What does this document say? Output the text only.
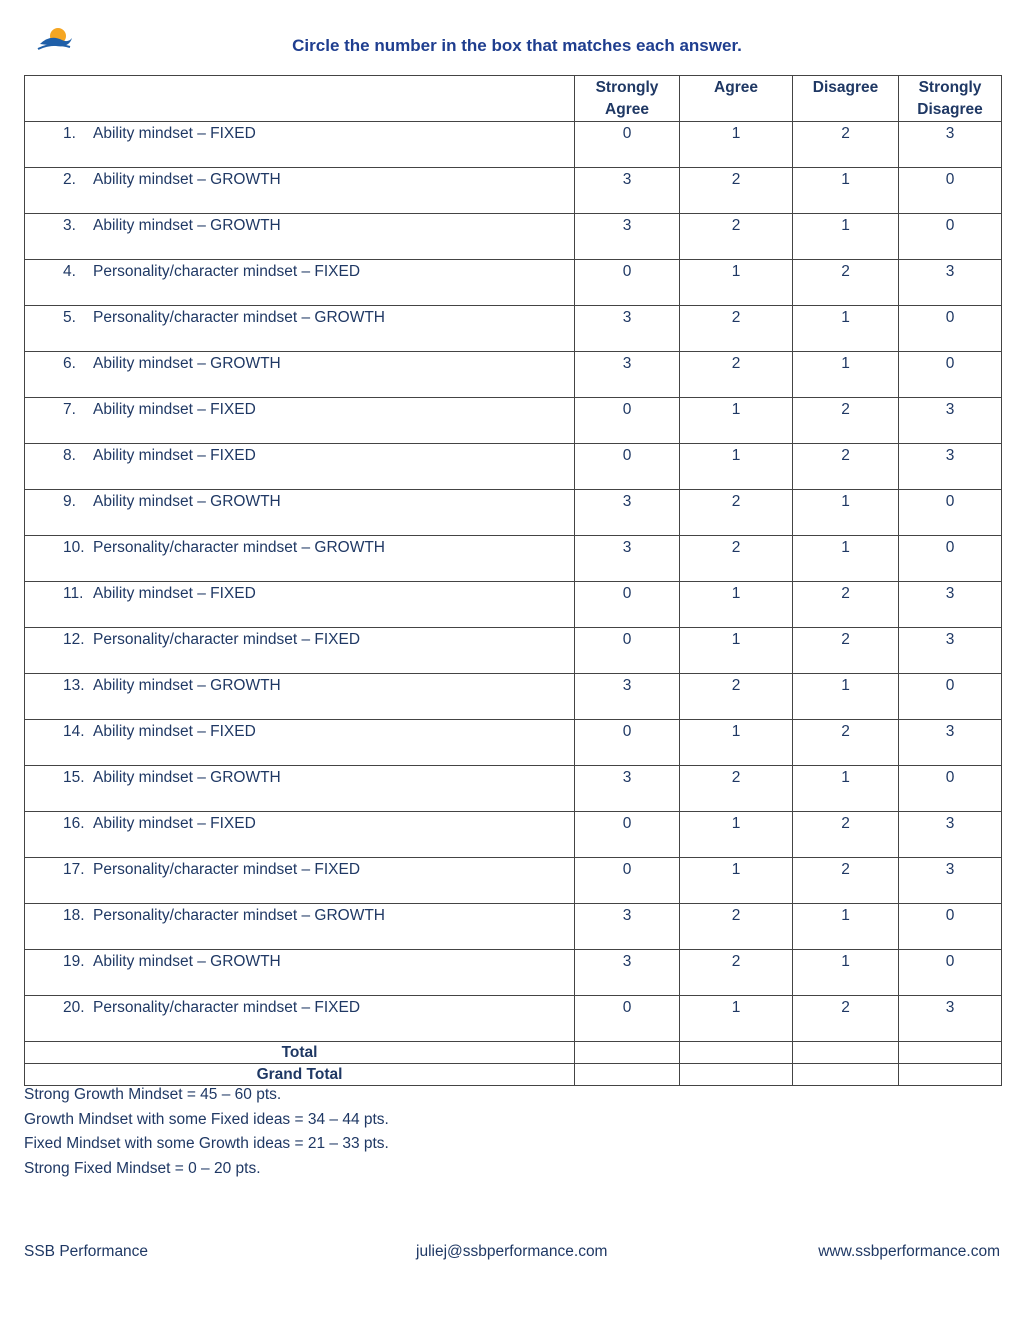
Circle the number in the box that matches each answer.
	Strongly Agree	Agree	Disagree	Strongly Disagree
1. Ability mindset – FIXED	0	1	2	3
2. Ability mindset – GROWTH	3	2	1	0
3. Ability mindset – GROWTH	3	2	1	0
4. Personality/character mindset – FIXED	0	1	2	3
5. Personality/character mindset – GROWTH	3	2	1	0
6. Ability mindset – GROWTH	3	2	1	0
7. Ability mindset – FIXED	0	1	2	3
8. Ability mindset – FIXED	0	1	2	3
9. Ability mindset – GROWTH	3	2	1	0
10. Personality/character mindset – GROWTH	3	2	1	0
11. Ability mindset – FIXED	0	1	2	3
12. Personality/character mindset – FIXED	0	1	2	3
13. Ability mindset – GROWTH	3	2	1	0
14. Ability mindset – FIXED	0	1	2	3
15. Ability mindset – GROWTH	3	2	1	0
16. Ability mindset – FIXED	0	1	2	3
17. Personality/character mindset – FIXED	0	1	2	3
18. Personality/character mindset – GROWTH	3	2	1	0
19. Ability mindset – GROWTH	3	2	1	0
20. Personality/character mindset – FIXED	0	1	2	3
Total				
Grand Total				
Strong Growth Mindset = 45 – 60 pts.
Growth Mindset with some Fixed ideas = 34 – 44 pts.
Fixed Mindset with some Growth ideas = 21 – 33 pts.
Strong Fixed Mindset = 0 – 20 pts.
SSB Performance	juliej@ssbperformance.com	www.ssbperformance.com
